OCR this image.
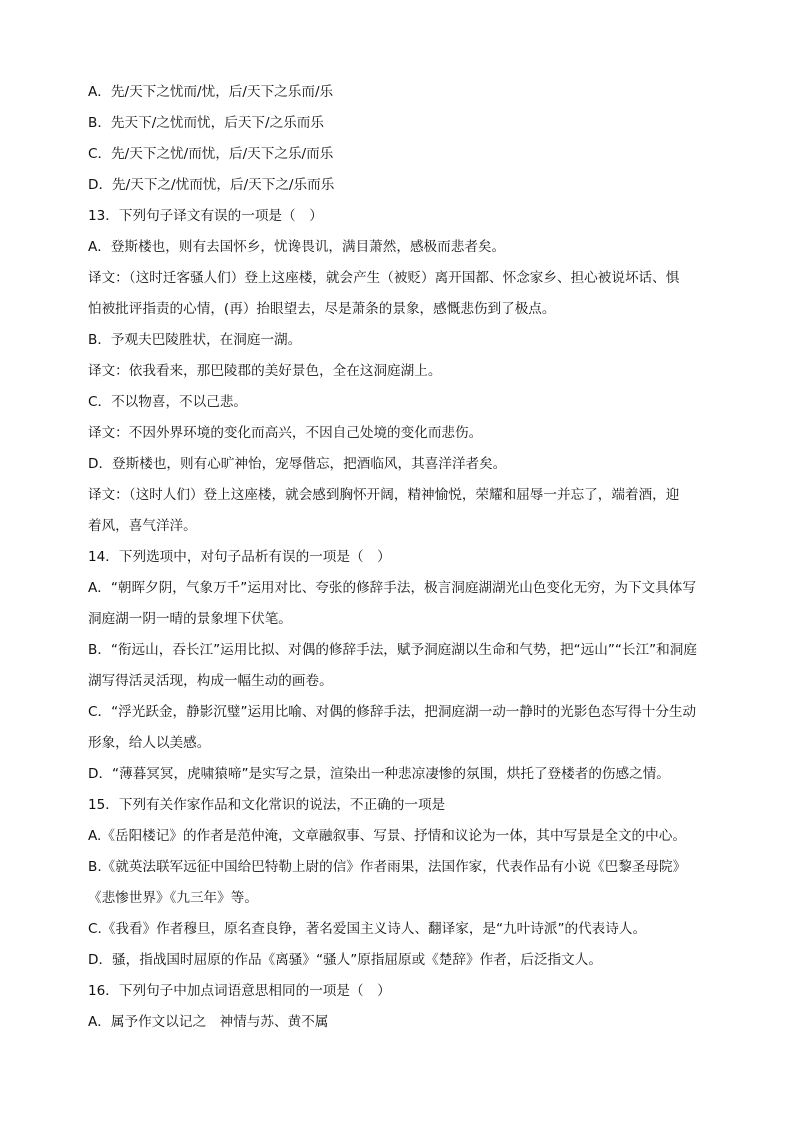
A．先/天下之忧而/忧，后/天下之乐而/乐
B．先天下/之忧而忧，后天下/之乐而乐
C．先/天下之忧/而忧，后/天下之乐/而乐
D．先/天下之/忧而忧，后/天下之/乐而乐
13．下列句子译文有误的一项是（　）
A．登斯楼也，则有去国怀乡，忧谗畏讥，满目萧然，感极而悲者矣。
译文：（这时迁客骚人们）登上这座楼，就会产生（被贬）离开国都、怀念家乡、担心被说坏话、惧
怕被批评指责的心情，(再）抬眼望去，尽是萧条的景象，感慨悲伤到了极点。
B．予观夫巴陵胜状，在洞庭一湖。
译文：依我看来，那巴陵郡的美好景色，全在这洞庭湖上。
C．不以物喜，不以己悲。
译文：不因外界环境的变化而高兴，不因自己处境的变化而悲伤。
D．登斯楼也，则有心旷神怡，宠辱偕忘，把酒临风，其喜洋洋者矣。
译文：（这时人们）登上这座楼，就会感到胸怀开阔，精神愉悦，荣耀和屈辱一并忘了，端着酒，迎
着风，喜气洋洋。
14．下列选项中，对句子品析有误的一项是（　）
A．“朝晖夕阴，气象万千”运用对比、夸张的修辞手法，极言洞庭湖湖光山色变化无穷，为下文具体写
洞庭湖一阴一晴的景象埋下伏笔。
B．“衔远山，吞长江”运用比拟、对偶的修辞手法，赋予洞庭湖以生命和气势，把“远山”“长江”和洞庭
湖写得活灵活现，构成一幅生动的画卷。
C．“浮光跃金，静影沉璧”运用比喻、对偶的修辞手法，把洞庭湖一动一静时的光影色态写得十分生动
形象，给人以美感。
D．“薄暮冥冥，虎啸猿啼”是实写之景，渲染出一种悲凉凄惨的氛围，烘托了登楼者的伤感之情。
15．下列有关作家作品和文化常识的说法，不正确的一项是
A.《岳阳楼记》的作者是范仲淹，文章融叙事、写景、抒情和议论为一体，其中写景是全文的中心。
B.《就英法联军远征中国给巴特勒上尉的信》作者雨果，法国作家，代表作品有小说《巴黎圣母院》
《悲惨世界》《九三年》等。
C.《我看》作者穆旦，原名查良铮，著名爱国主义诗人、翻译家，是“九叶诗派”的代表诗人。
D．骚，指战国时屈原的作品《离骚》“骚人”原指屈原或《楚辞》作者，后泛指文人。
16．下列句子中加点词语意思相同的一项是（　）
A．属予作文以记之　神情与苏、黄不属
